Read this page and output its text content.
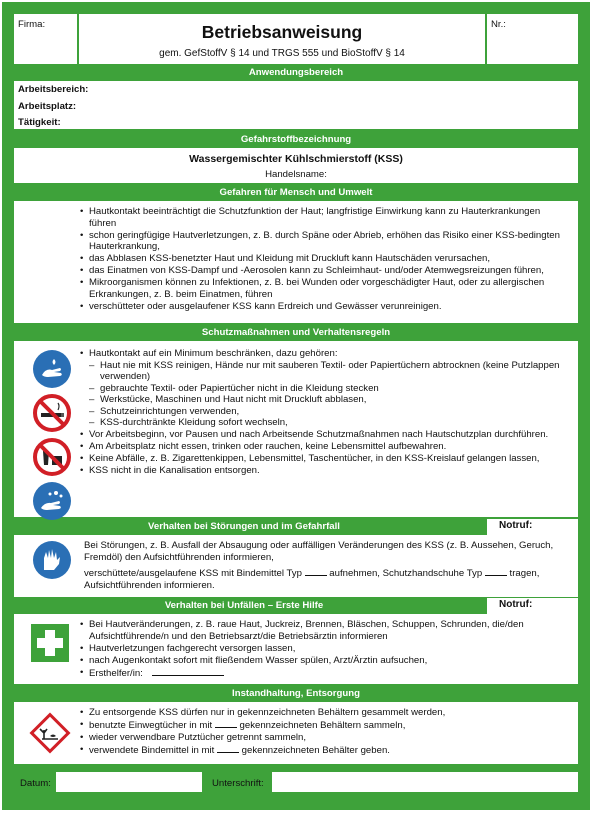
Firma:	Betriebsanweisung
gem. GefStoffV § 14 und TRGS 555 und BioStoffV § 14
Nr.:
Anwendungsbereich
Arbeitsbereich:
Arbeitsplatz:
Tätigkeit:
Gefahrstoffbezeichnung
Wassergemischter Kühlschmierstoff (KSS)
Handelsname:
Gefahren für Mensch und Umwelt
• Hautkontakt beeinträchtigt die Schutzfunktion der Haut; langfristige Einwirkung kann zu Hauterkrankungen führen
• schon geringfügige Hautverletzungen, z. B. durch Späne oder Abrieb, erhöhen das Risiko einer KSS-bedingten Hauterkrankung,
• das Abblasen KSS-benetzter Haut und Kleidung mit Druckluft kann Hautschäden verursachen,
• das Einatmen von KSS-Dampf und -Aerosolen kann zu Schleimhaut- und/oder Atemwegsreizungen führen,
• Mikroorganismen können zu Infektionen, z. B. bei Wunden oder vorgeschädigter Haut, oder zu allergischen Erkrankungen, z. B. beim Einatmen, führen
• verschütteter oder ausgelaufener KSS kann Erdreich und Gewässer verunreinigen.
Schutzmaßnahmen und Verhaltensregeln
• Hautkontakt auf ein Minimum beschränken, dazu gehören:
– Haut nie mit KSS reinigen, Hände nur mit sauberen Textil- oder Papiertüchern abtrocknen (keine Putzlappen verwenden)
– gebrauchte Textil- oder Papiertücher nicht in die Kleidung stecken
– Werkstücke, Maschinen und Haut nicht mit Druckluft abblasen,
– Schutzeinrichtungen verwenden,
– KSS-durchtränkte Kleidung sofort wechseln,
• Vor Arbeitsbeginn, vor Pausen und nach Arbeitsende Schutzmaßnahmen nach Hautschutzplan durchführen.
• Am Arbeitsplatz nicht essen, trinken oder rauchen, keine Lebensmittel aufbewahren.
• Keine Abfälle, z. B. Zigarettenkippen, Lebensmittel, Taschentücher, in den KSS-Kreislauf gelangen lassen,
• KSS nicht in die Kanalisation entsorgen.
Verhalten bei Störungen und im Gefahrfall	Notruf:
Bei Störungen, z. B. Ausfall der Absaugung oder auffälligen Veränderungen des KSS (z. B. Aussehen, Geruch, Fremdöl) den Aufsichtführenden informieren,
verschüttete/ausgelaufene KSS mit Bindemittel Typ	aufnehmen, Schutzhandschuhe Typ	tragen,
Aufsichtführenden informieren.
Verhalten bei Unfällen – Erste Hilfe	Notruf:
• Bei Hautveränderungen, z. B. raue Haut, Juckreiz, Brennen, Bläschen, Schuppen, Schrunden, die/den Aufsichtführende/n und den Betriebsarzt/die Betriebsärztin informieren
• Hautverletzungen fachgerecht versorgen lassen,
• nach Augenkontakt sofort mit fließendem Wasser spülen, Arzt/Ärztin aufsuchen,
• Ersthelfer/in:
Instandhaltung, Entsorgung
• Zu entsorgende KSS dürfen nur in gekennzeichneten Behältern gesammelt werden,
• benutzte Einwegtücher in mit	gekennzeichneten Behältern sammeln,
• wieder verwendbare Putztücher getrennt sammeln,
• verwendete Bindemittel in mit	gekennzeichneten Behälter geben.
Datum:	Unterschrift:
